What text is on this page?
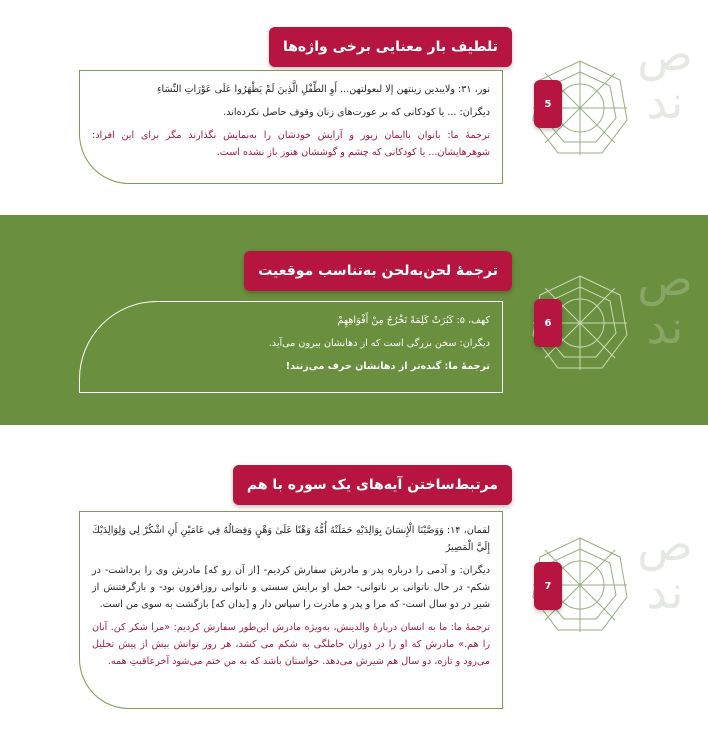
تلطیف بار معنایی برخی واژه‌ها

نور، ۳۱: ولایبدین زینتهن إلا لبعولتهن... أَوِ الطِّفْلِ الَّذِینَ لَمْ یَظْهَرُوا عَلَى عَوْرَاتِ النِّسَاءِ

دیگران: ... یا کودکانی که بر عورت‌های زنان وقوف حاصل نکرده‌اند.

ترجمۀ ما: بانوان باایمان زیور و آرایش خودشان را به‌نمایش نگذارند مگر برای این افراد: شوهرهایشان... یا کودکانی که چشم و گوششان هنوز باز نشده است.

5
ص
ند
ترجمۀ لحن‌به‌لحن به‌تناسب موقعیت

کهف، ۵: كَبُرَتْ كَلِمَةً تَخْرُجُ مِنْ أَفْوَاهِهِمْ

دیگران: سخن بزرگی است که از دهانشان بیرون می‌آید.

ترجمۀ ما: گنده‌تر از دهانشان حرف می‌زنند!

6
ص
ند
مرتبط‌ساختن آیه‌های یک سوره با هم

لقمان، ۱۴: وَوَصَّيْنَا الْإِنسَانَ بِوَالِدَيْهِ حَمَلَتْهُ أُمُّهُ وَهْنًا عَلَىٰ وَهْنٍ وَفِصَالُهُ فِي عَامَيْنِ أَنِ اشْكُرْ لِي وَلِوَالِدَيْكَ إِلَيَّ الْمَصِيرُ

دیگران: و آدمی را درباره پدر و مادرش سفارش کردیم- [از آن رو که] مادرش وی را برداشت- در شکم- در حال ناتوانی بر ناتوانی- حمل او برایش سستی و ناتوانی روزافزون بود- و بازگرفتنش از شیر در دو سال است- که مرا و پدر و مادرت را سپاس دار و [بدان که] بازگشت به سوی من است.

ترجمۀ ما: ما به انسان دربارۀ والدینش، به‌ویژه مادرش این‌طور سفارش کردیم: «مرا شکر کن. آنان را هم.» مادرش که او را در دوران حاملگی به شکم می کشد، هر روز توانش بیش از پیش تحلیل می‌رود و تازه، دو سال هم شیرش می‌دهد. حواستان باشد که به من ختم می‌شود آخرعاقبتِ همه.

7
ص
ند
